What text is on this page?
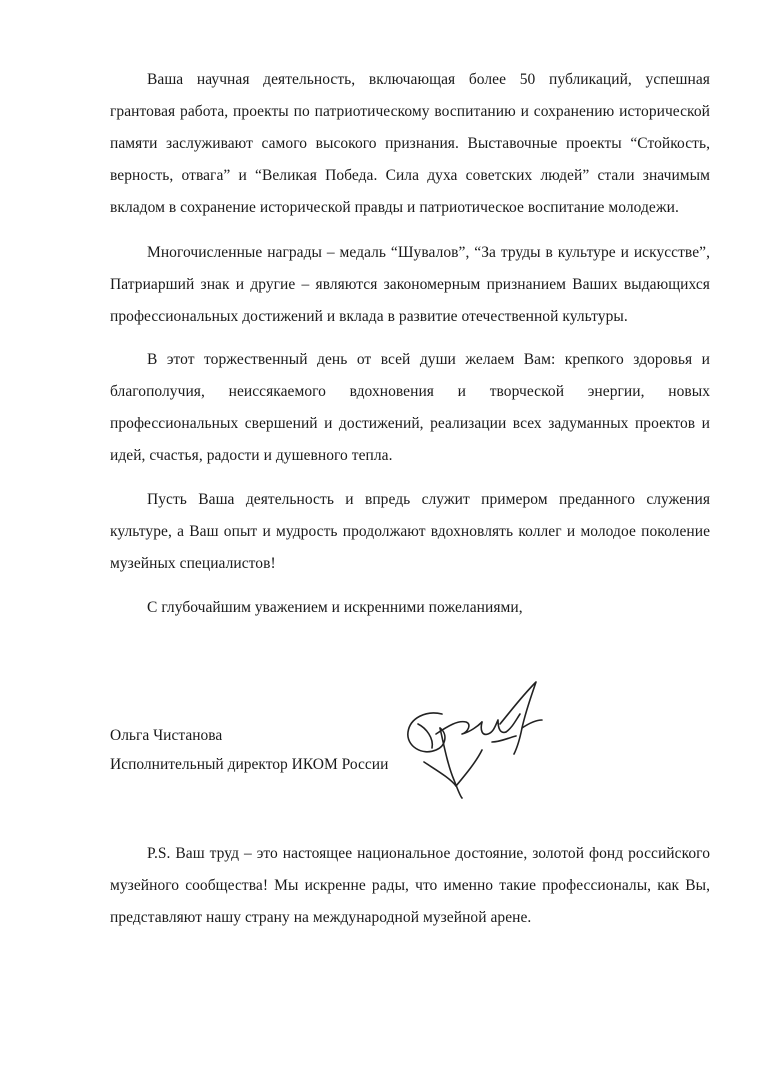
Ваша научная деятельность, включающая более 50 публикаций, успешная грантовая работа, проекты по патриотическому воспитанию и сохранению исторической памяти заслуживают самого высокого признания. Выставочные проекты “Стойкость, верность, отвага” и “Великая Победа. Сила духа советских людей” стали значимым вкладом в сохранение исторической правды и патриотическое воспитание молодежи.

Многочисленные награды – медаль “Шувалов”, “За труды в культуре и искусстве”, Патриарший знак и другие – являются закономерным признанием Ваших выдающихся профессиональных достижений и вклада в развитие отечественной культуры.

В этот торжественный день от всей души желаем Вам: крепкого здоровья и благополучия, неиссякаемого вдохновения и творческой энергии, новых профессиональных свершений и достижений, реализации всех задуманных проектов и идей, счастья, радости и душевного тепла.

Пусть Ваша деятельность и впредь служит примером преданного служения культуре, а Ваш опыт и мудрость продолжают вдохновлять коллег и молодое поколение музейных специалистов!

С глубочайшим уважением и искренними пожеланиями,

Ольга Чистанова

Исполнительный директор ИКОМ России

P.S. Ваш труд – это настоящее национальное достояние, золотой фонд российского музейного сообщества! Мы искренне рады, что именно такие профессионалы, как Вы, представляют нашу страну на международной музейной арене.
